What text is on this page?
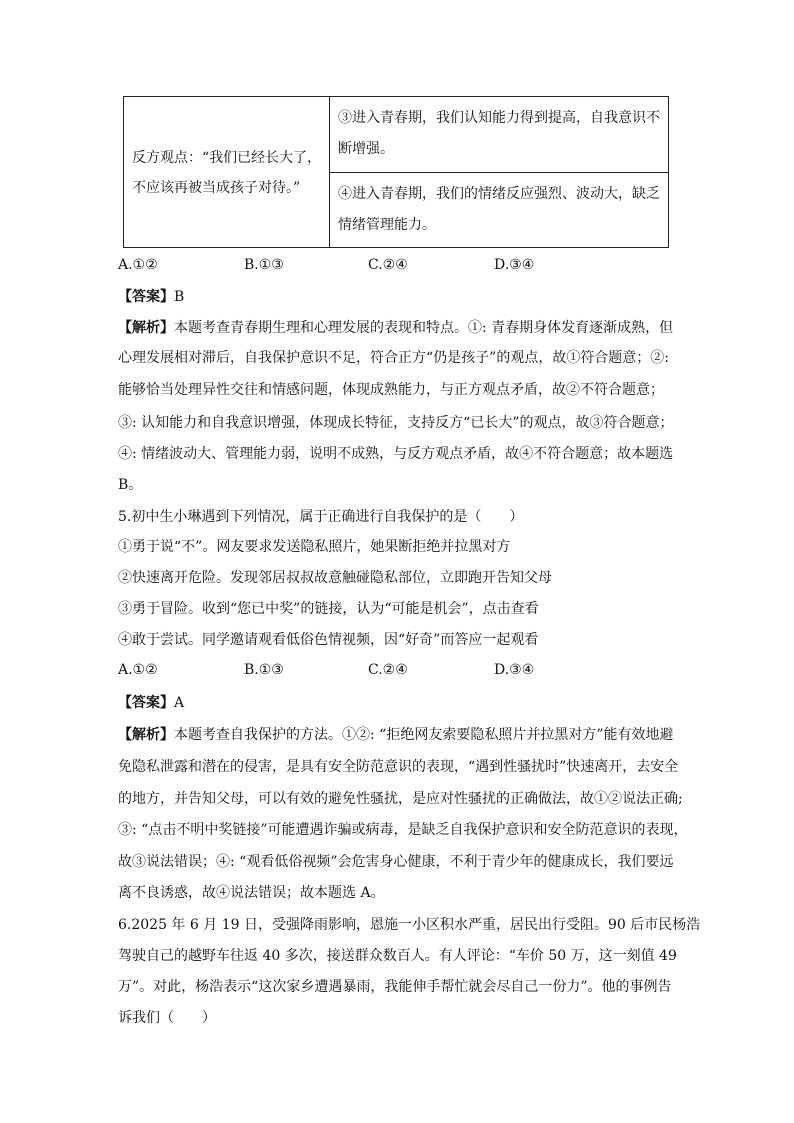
反方观点：“我们已经长大了，
不应该再被当成孩子对待。”
③进入青春期，我们认知能力得到提高，自我意识不
断增强。
④进入青春期，我们的情绪反应强烈、波动大，缺乏
情绪管理能力。
A.①②	B.①③	C.②④	D.③④
【答案】B
【解析】本题考查青春期生理和心理发展的表现和特点。①: 青春期身体发育逐渐成熟，但
心理发展相对滞后，自我保护意识不足，符合正方“仍是孩子”的观点，故①符合题意；②:
能够恰当处理异性交往和情感问题，体现成熟能力，与正方观点矛盾，故②不符合题意；
③: 认知能力和自我意识增强，体现成长特征，支持反方“已长大”的观点，故③符合题意；
④: 情绪波动大、管理能力弱，说明不成熟，与反方观点矛盾，故④不符合题意；故本题选
B。
5.初中生小琳遇到下列情况，属于正确进行自我保护的是（　　）
①勇于说“不”。网友要求发送隐私照片，她果断拒绝并拉黑对方
②快速离开危险。发现邻居叔叔故意触碰隐私部位，立即跑开告知父母
③勇于冒险。收到“您已中奖”的链接，认为“可能是机会”，点击查看
④敢于尝试。同学邀请观看低俗色情视频，因“好奇”而答应一起观看
A.①②	B.①③	C.②④	D.③④
【答案】A
【解析】本题考查自我保护的方法。①②: “拒绝网友索要隐私照片并拉黑对方”能有效地避
免隐私泄露和潜在的侵害，是具有安全防范意识的表现，“遇到性骚扰时”快速离开，去安全
的地方，并告知父母，可以有效的避免性骚扰，是应对性骚扰的正确做法，故①②说法正确;
③: “点击不明中奖链接”可能遭遇诈骗或病毒，是缺乏自我保护意识和安全防范意识的表现，
故③说法错误；④: “观看低俗视频”会危害身心健康，不利于青少年的健康成长，我们要远
离不良诱惑，故④说法错误；故本题选 A。
6.2025 年 6 月 19 日，受强降雨影响，恩施一小区积水严重，居民出行受阻。90 后市民杨浩
驾驶自己的越野车往返 40 多次，接送群众数百人。有人评论：“车价 50 万，这一刻值 49
万”。对此，杨浩表示“这次家乡遭遇暴雨，我能伸手帮忙就会尽自己一份力”。他的事例告
诉我们（　　）
